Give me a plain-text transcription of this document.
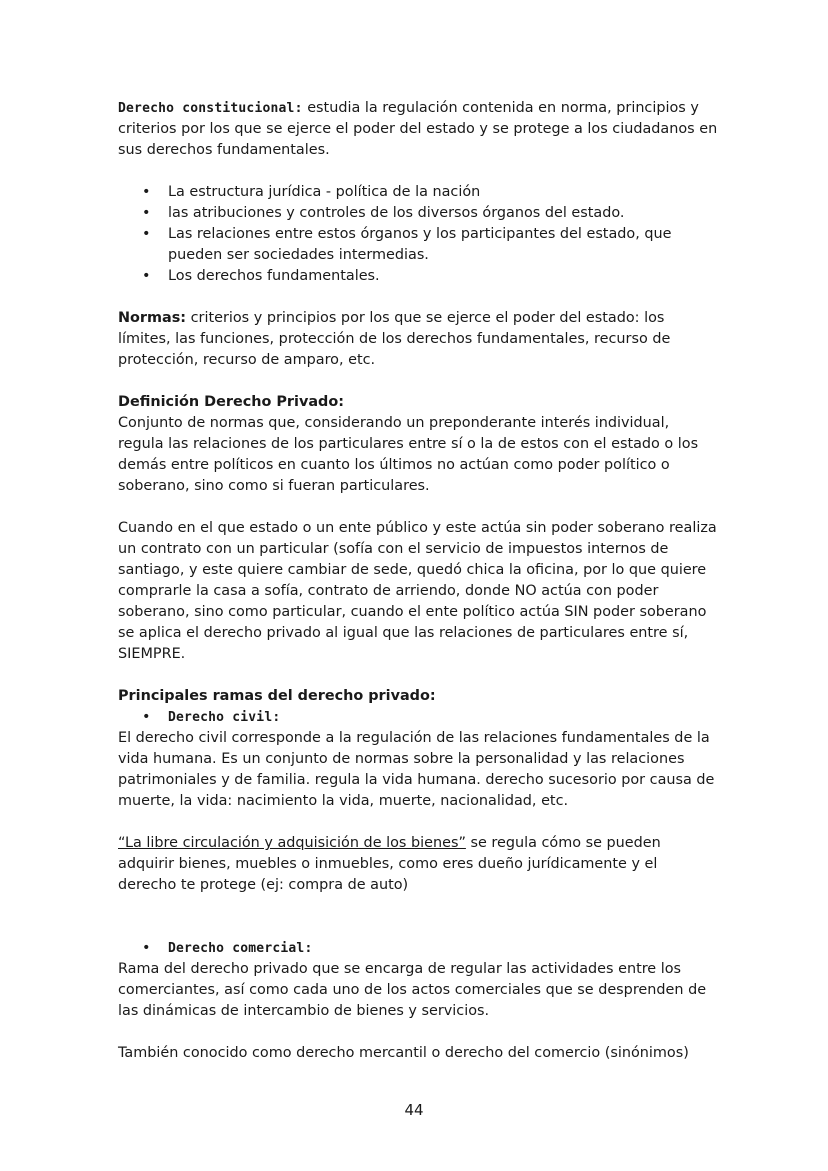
Derecho constitucional: estudia la regulación contenida en norma, principios y criterios por los que se ejerce el poder del estado y se protege a los ciudadanos en sus derechos fundamentales.

• La estructura jurídica - política de la nación
• las atribuciones y controles de los diversos órganos del estado.
• Las relaciones entre estos órganos y los participantes del estado, que pueden ser sociedades intermedias.
• Los derechos fundamentales.

Normas: criterios y principios por los que se ejerce el poder del estado: los límites, las funciones, protección de los derechos fundamentales, recurso de protección, recurso de amparo, etc.

Definición Derecho Privado:

Conjunto de normas que, considerando un preponderante interés individual, regula las relaciones de los particulares entre sí o la de estos con el estado o los demás entre políticos en cuanto los últimos no actúan como poder político o soberano, sino como si fueran particulares.

Cuando en el que estado o un ente público y este actúa sin poder soberano realiza un contrato con un particular (sofía con el servicio de impuestos internos de santiago, y este quiere cambiar de sede, quedó chica la oficina, por lo que quiere comprarle la casa a sofía, contrato de arriendo, donde NO actúa con poder soberano, sino como particular, cuando el ente político actúa SIN poder soberano se aplica el derecho privado al igual que las relaciones de particulares entre sí, SIEMPRE.

Principales ramas del derecho privado:

• Derecho civil:

El derecho civil corresponde a la regulación de las relaciones fundamentales de la vida humana. Es un conjunto de normas sobre la personalidad y las relaciones patrimoniales y de familia. regula la vida humana. derecho sucesorio por causa de muerte, la vida: nacimiento la vida, muerte, nacionalidad, etc.

“La libre circulación y adquisición de los bienes” se regula cómo se pueden adquirir bienes, muebles o inmuebles, como eres dueño jurídicamente y el derecho te protege (ej: compra de auto)

• Derecho comercial:

Rama del derecho privado que se encarga de regular las actividades entre los comerciantes, así como cada uno de los actos comerciales que se desprenden de las dinámicas de intercambio de bienes y servicios.

También conocido como derecho mercantil o derecho del comercio (sinónimos)

44
